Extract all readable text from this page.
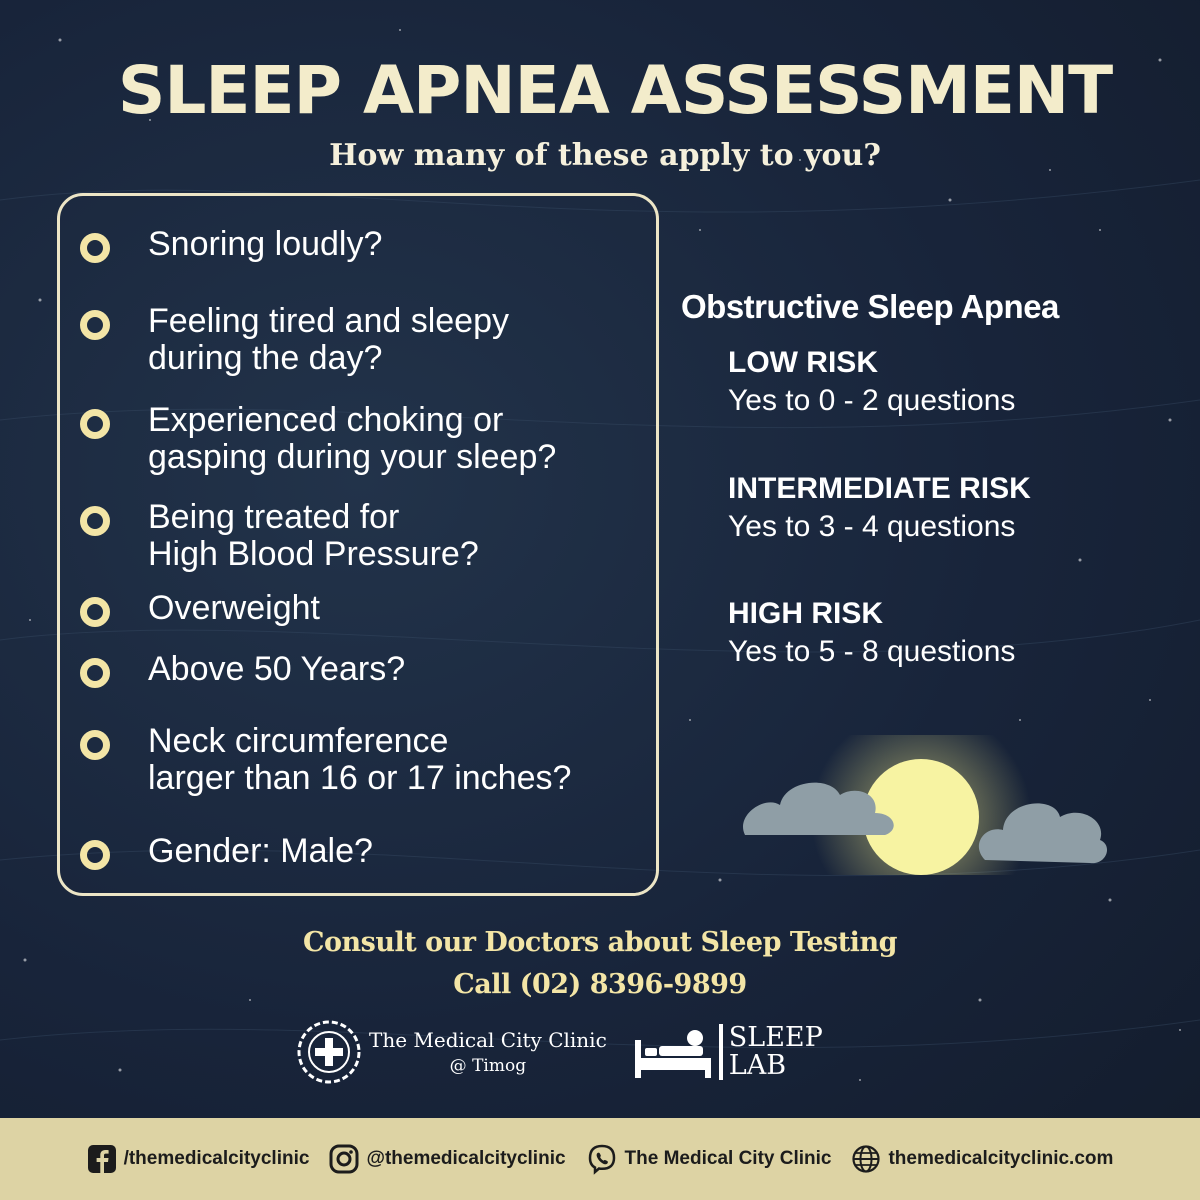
SLEEP APNEA ASSESSMENT
How many of these apply to you?
Snoring loudly?
Feeling tired and sleepy
during the day?
Experienced choking or
gasping during your sleep?
Being treated for
High Blood Pressure?
Overweight
Above 50 Years?
Neck circumference
larger than 16 or 17 inches?
Gender: Male?
Obstructive Sleep Apnea
LOW RISK
Yes to 0 - 2 questions
INTERMEDIATE RISK
Yes to 3 - 4 questions
HIGH RISK
Yes to 5 - 8 questions
Consult our Doctors about Sleep Testing
Call (02) 8396-9899
The Medical City Clinic
@ Timog
SLEEP
LAB
/themedicalcityclinic	@themedicalcityclinic	The Medical City Clinic	themedicalcityclinic.com
